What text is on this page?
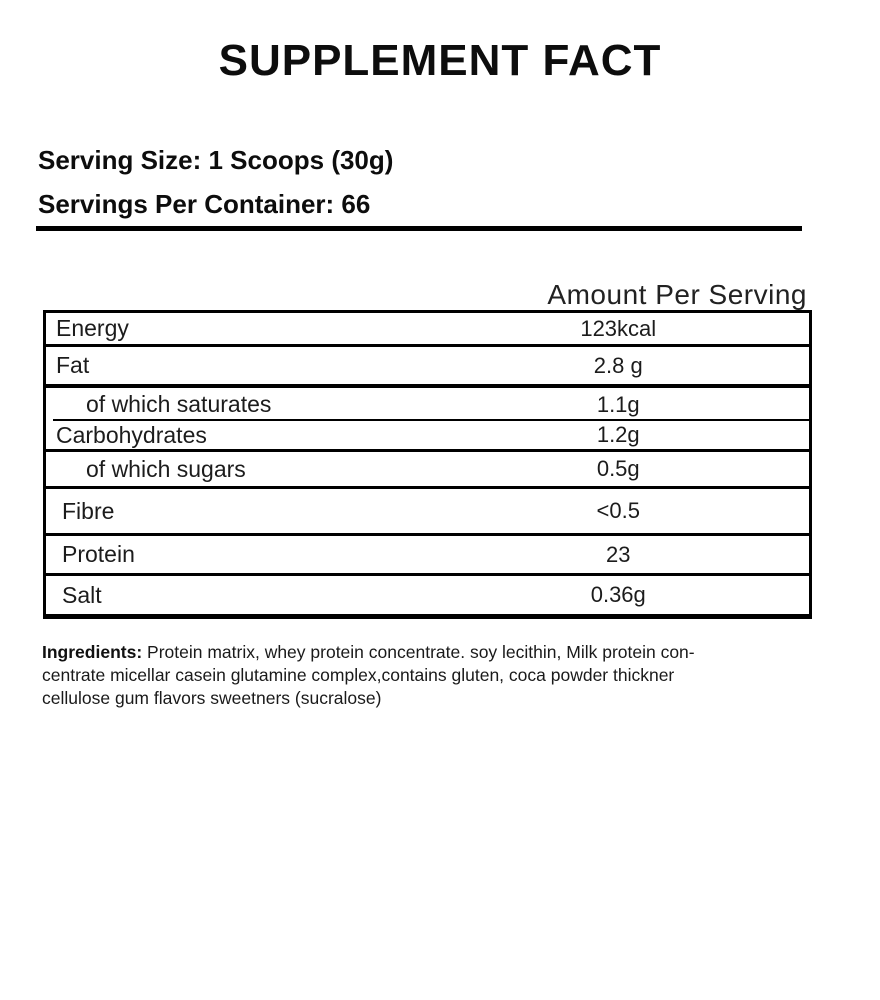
SUPPLEMENT FACT
Serving Size: 1 Scoops (30g)
Servings Per Container: 66
Amount Per Serving
Energy	123kcal
Fat	2.8 g
of which saturates	1.1g
Carbohydrates	1.2g
of which sugars	0.5g
Fibre	<0.5
Protein	23
Salt	0.36g
Ingredients: Protein matrix, whey protein concentrate. soy lecithin, Milk protein con-
centrate micellar casein glutamine complex,contains gluten, coca powder thickner
cellulose gum flavors sweetners (sucralose)
